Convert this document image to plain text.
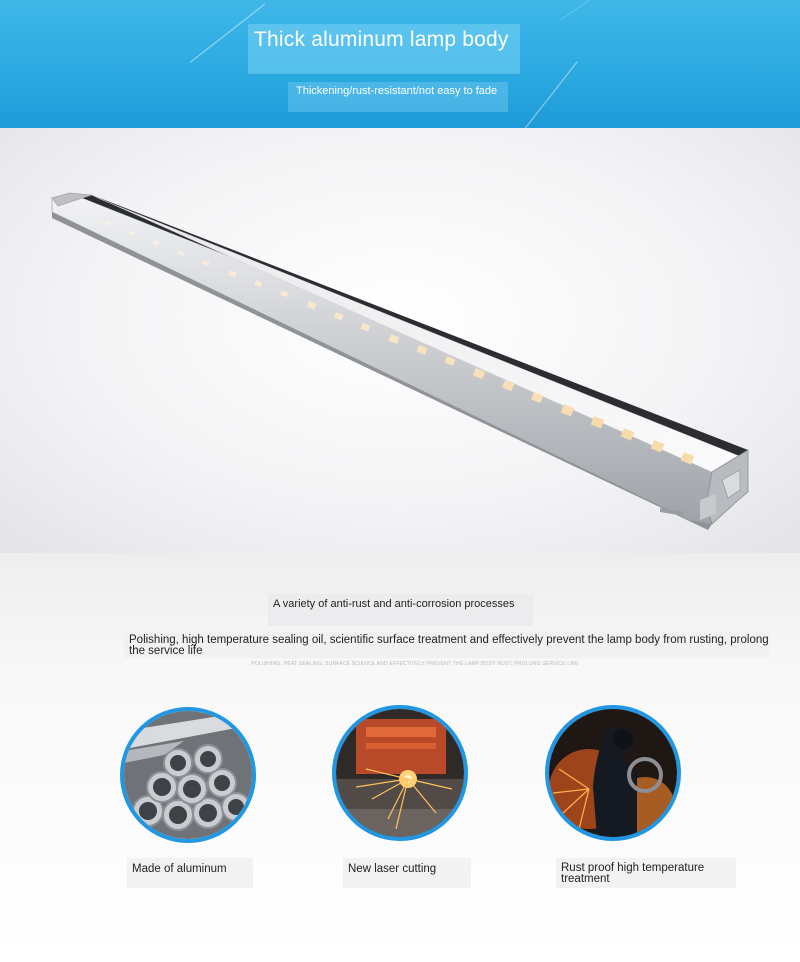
Thick aluminum lamp body
Thickening/rust-resistant/not easy to fade
A variety of anti-rust and anti-corrosion processes
Polishing, high temperature sealing oil, scientific surface treatment and effectively prevent the lamp body from rusting, prolong the service life
POLISHING, HEAT SEALING, SURFACE SCIENCE AND EFFECTIVELY PREVENT THE LAMP BODY RUST, PROLONG SERVICE LIFE
Made of aluminum	New laser cutting	Rust proof high temperature treatment
